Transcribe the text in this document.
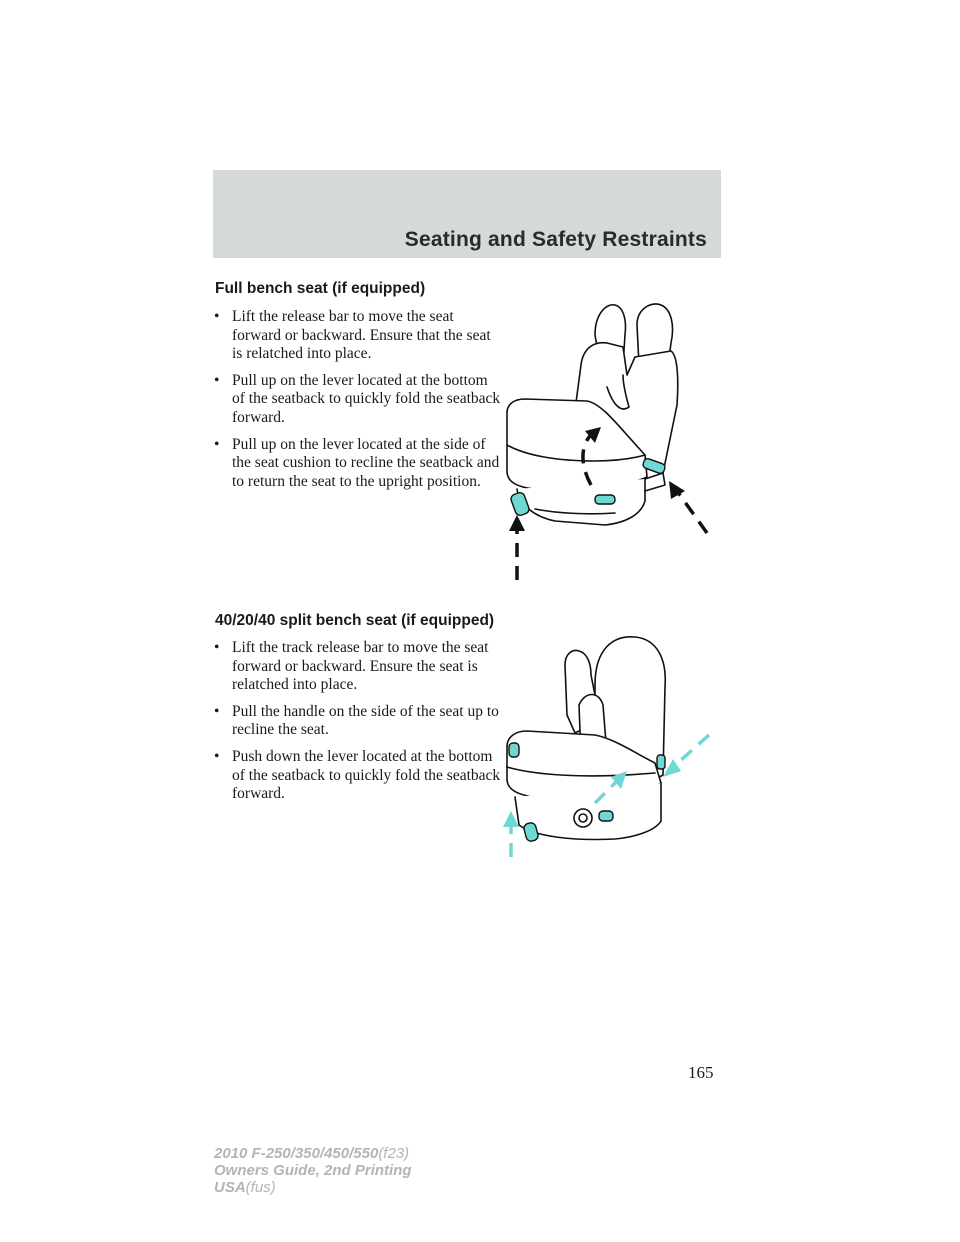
Seating and Safety Restraints
Full bench seat (if equipped)
• Lift the release bar to move the seat forward or backward. Ensure that the seat is relatched into place.
• Pull up on the lever located at the bottom of the seatback to quickly fold the seatback forward.
• Pull up on the lever located at the side of the seat cushion to recline the seatback and to return the seat to the upright position.
40/20/40 split bench seat (if equipped)
• Lift the track release bar to move the seat forward or backward. Ensure the seat is relatched into place.
• Pull the handle on the side of the seat up to recline the seat.
• Push down the lever located at the bottom of the seatback to quickly fold the seatback forward.
165
2010 F-250/350/450/550(f23)
Owners Guide, 2nd Printing
USA(fus)
